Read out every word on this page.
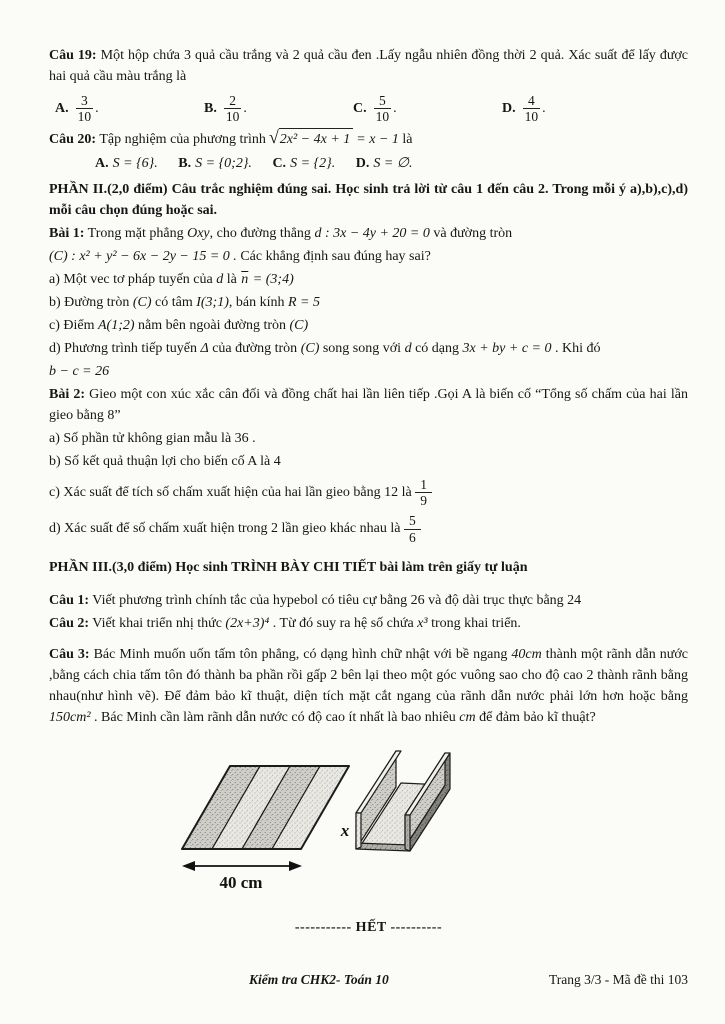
Câu 19: Một hộp chứa 3 quả cầu trắng và 2 quả cầu đen .Lấy ngẫu nhiên đồng thời 2 quả. Xác suất để lấy được hai quả cầu màu trắng là

A. $\frac{3}{10}$ .	B. $\frac{2}{10}$ .	C. $\frac{5}{10}$ .	D. $\frac{4}{10}$ .

Câu 20: Tập nghiệm của phương trình √ 2x² − 4x + 1 = x − 1 là

A. S = {6}. B. S = {0;2}. C. S = {2}. D. S = ∅.

PHẦN II.(2,0 điểm) Câu trắc nghiệm đúng sai. Học sinh trả lời từ câu 1 đến câu 2. Trong mỗi ý a),b),c),d) mỗi câu chọn đúng hoặc sai.

Bài 1: Trong mặt phẳng Oxy, cho đường thẳng d : 3x − 4y + 20 = 0 và đường tròn

(C) : x² + y² − 6x − 2y − 15 = 0 . Các khẳng định sau đúng hay sai?

a) Một vec tơ pháp tuyến của d là $\overline{n}$ = (3;4)

b) Đường tròn (C) có tâm I(3;1), bán kính R = 5

c) Điểm A(1;2) nằm bên ngoài đường tròn (C)

d) Phương trình tiếp tuyến Δ của đường tròn (C) song song với d có dạng 3x + by + c = 0 . Khi đó

b − c = 26

Bài 2: Gieo một con xúc xắc cân đối và đồng chất hai lần liên tiếp .Gọi A là biến cố “Tổng số chấm của hai lần gieo bằng 8”

a) Số phần tử không gian mẫu là 36 .

b) Số kết quả thuận lợi cho biến cố A là 4

c) Xác suất để tích số chấm xuất hiện của hai lần gieo bằng 12 là $\frac{1}{9}$

d) Xác suất để số chấm xuất hiện trong 2 lần gieo khác nhau là $\frac{5}{6}$

PHẦN III.(3,0 điểm) Học sinh TRÌNH BÀY CHI TIẾT bài làm trên giấy tự luận

Câu 1: Viết phương trình chính tắc của hypebol có tiêu cự bằng 26 và độ dài trục thực bằng 24

Câu 2: Viết khai triển nhị thức (2x+3)⁴ . Từ đó suy ra hệ số chứa x³ trong khai triển.

Câu 3: Bác Minh muốn uốn tấm tôn phẳng, có dạng hình chữ nhật với bề ngang 40cm thành một rãnh dẫn nước ,bằng cách chia tấm tôn đó thành ba phần rồi gấp 2 bên lại theo một góc vuông sao cho độ cao 2 thành rãnh bằng nhau(như hình vẽ). Để đảm bảo kĩ thuật, diện tích mặt cắt ngang của rãnh dẫn nước phải lớn hơn hoặc bằng 150cm² . Bác Minh cần làm rãnh dẫn nước có độ cao ít nhất là bao nhiêu cm để đảm bảo kĩ thuật?

40 cm
x

----------- HẾT ----------

Kiểm tra CHK2- Toán 10	Trang 3/3 - Mã đề thi 103
